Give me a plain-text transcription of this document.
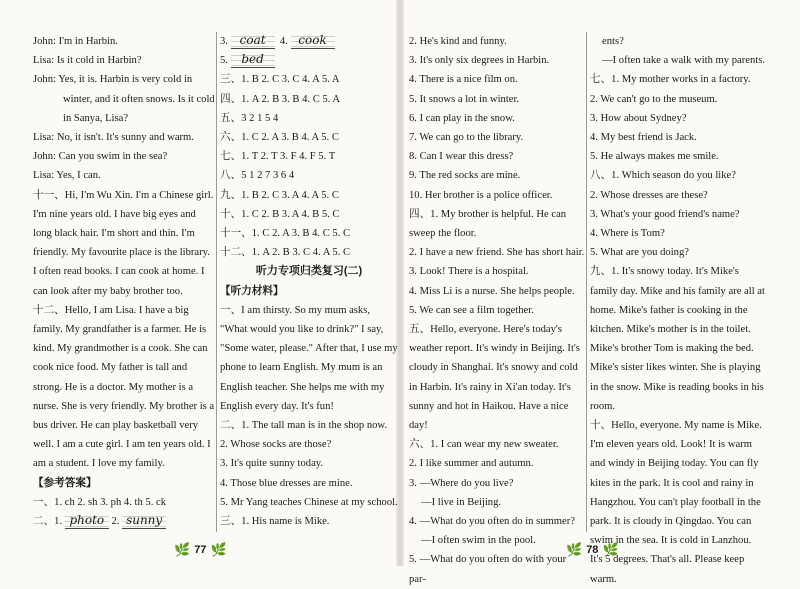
John: I'm in Harbin.

Lisa: Is it cold in Harbin?

John: Yes, it is. Harbin is very cold in winter, and it often snows. Is it cold in Sanya, Lisa?

Lisa: No, it isn't. It's sunny and warm.

John: Can you swim in the sea?

Lisa: Yes, I can.

十一、Hi, I'm Wu Xin. I'm a Chinese girl. I'm nine years old. I have big eyes and long black hair. I'm short and thin. I'm friendly. My favourite place is the library. I often read books. I can cook at home. I can look after my baby brother too.

十二、Hello, I am Lisa. I have a big family. My grandfather is a farmer. He is kind. My grandmother is a cook. She can cook nice food. My father is tall and strong. He is a doctor. My mother is a nurse. She is very friendly. My brother is a bus driver. He can play basketball very well. I am a cute girl. I am ten years old. I am a student. I love my family.

【参考答案】

一、1. ch 2. sh 3. ph 4. th 5. ck

二、1. photo 2. sunny

3. coat 4. cook

5. bed

三、1. B 2. C 3. C 4. A 5. A

四、1. A 2. B 3. B 4. C 5. A

五、3 2 1 5 4

六、1. C 2. A 3. B 4. A 5. C

七、1. T 2. T 3. F 4. F 5. T

八、5 1 2 7 3 6 4

九、1. B 2. C 3. A 4. A 5. C

十、1. C 2. B 3. A 4. B 5. C

十一、1. C 2. A 3. B 4. C 5. C

十二、1. A 2. B 3. C 4. A 5. C

听力专项归类复习(二)

【听力材料】

一、I am thirsty. So my mum asks, "What would you like to drink?" I say, "Some water, please." After that, I use my phone to learn English. My mum is an English teacher. She helps me with my English every day. It's fun!

二、1. The tall man is in the shop now.

2. Whose socks are those?

3. It's quite sunny today.

4. Those blue dresses are mine.

5. Mr Yang teaches Chinese at my school.

三、1. His name is Mike.

2. He's kind and funny.

3. It's only six degrees in Harbin.

4. There is a nice film on.

5. It snows a lot in winter.

6. I can play in the snow.

7. We can go to the library.

8. Can I wear this dress?

9. The red socks are mine.

10. Her brother is a police officer.

四、1. My brother is helpful. He can sweep the floor.

2. I have a new friend. She has short hair.

3. Look! There is a hospital.

4. Miss Li is a nurse. She helps people.

5. We can see a film together.

五、Hello, everyone. Here's today's weather report. It's windy in Beijing. It's cloudy in Shanghai. It's snowy and cold in Harbin. It's rainy in Xi'an today. It's sunny and hot in Haikou. Have a nice day!

六、1. I can wear my new sweater.

2. I like summer and autumn.

3. —Where do you live?

—I live in Beijing.

4. —What do you often do in summer?

—I often swim in the pool.

5. —What do you often do with your par-

ents?

—I often take a walk with my parents.

七、1. My mother works in a factory.

2. We can't go to the museum.

3. How about Sydney?

4. My best friend is Jack.

5. He always makes me smile.

八、1. Which season do you like?

2. Whose dresses are these?

3. What's your good friend's name?

4. Where is Tom?

5. What are you doing?

九、1. It's snowy today. It's Mike's family day. Mike and his family are all at home. Mike's father is cooking in the kitchen. Mike's mother is in the toilet. Mike's brother Tom is making the bed. Mike's sister likes winter. She is playing in the snow. Mike is reading books in his room.

十、Hello, everyone. My name is Mike. I'm eleven years old. Look! It is warm and windy in Beijing today. You can fly kites in the park. It is cool and rainy in Hangzhou. You can't play football in the park. It is cloudy in Qingdao. You can swim in the sea. It is cold in Lanzhou. It's 5 degrees. That's all. Please keep warm.

🌿 77 🌿	🌿 78 🌿
